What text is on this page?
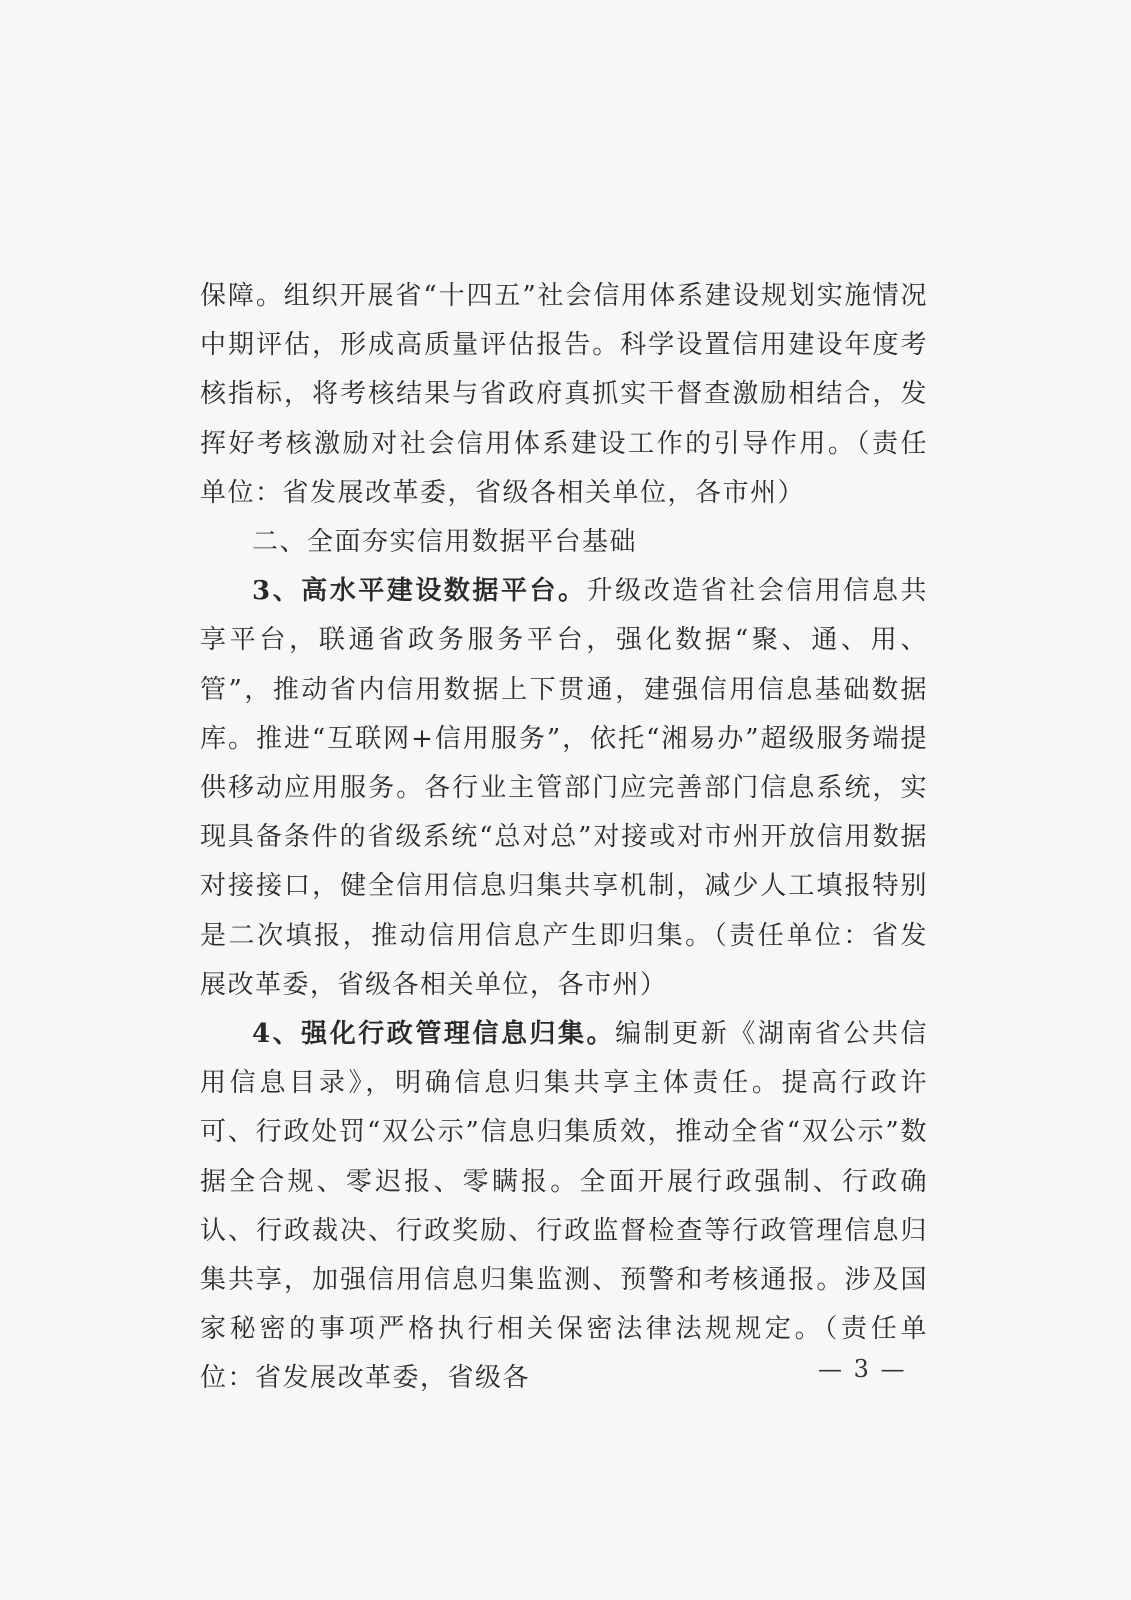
保障。组织开展省“十四五”社会信用体系建设规划实施情况中期评估，形成高质量评估报告。科学设置信用建设年度考核指标，将考核结果与省政府真抓实干督查激励相结合，发挥好考核激励对社会信用体系建设工作的引导作用。（责任单位：省发展改革委，省级各相关单位，各市州）

二、全面夯实信用数据平台基础

3、高水平建设数据平台。升级改造省社会信用信息共享平台，联通省政务服务平台，强化数据“聚、通、用、管”，推动省内信用数据上下贯通，建强信用信息基础数据库。推进“互联网+信用服务”，依托“湘易办”超级服务端提供移动应用服务。各行业主管部门应完善部门信息系统，实现具备条件的省级系统“总对总”对接或对市州开放信用数据对接接口，健全信用信息归集共享机制，减少人工填报特别是二次填报，推动信用信息产生即归集。（责任单位：省发展改革委，省级各相关单位，各市州）

4、强化行政管理信息归集。编制更新《湖南省公共信用信息目录》，明确信息归集共享主体责任。提高行政许可、行政处罚“双公示”信息归集质效，推动全省“双公示”数据全合规、零迟报、零瞒报。全面开展行政强制、行政确认、行政裁决、行政奖励、行政监督检查等行政管理信息归集共享，加强信用信息归集监测、预警和考核通报。涉及国家秘密的事项严格执行相关保密法律法规规定。（责任单位：省发展改革委，省级各	— 3 —
